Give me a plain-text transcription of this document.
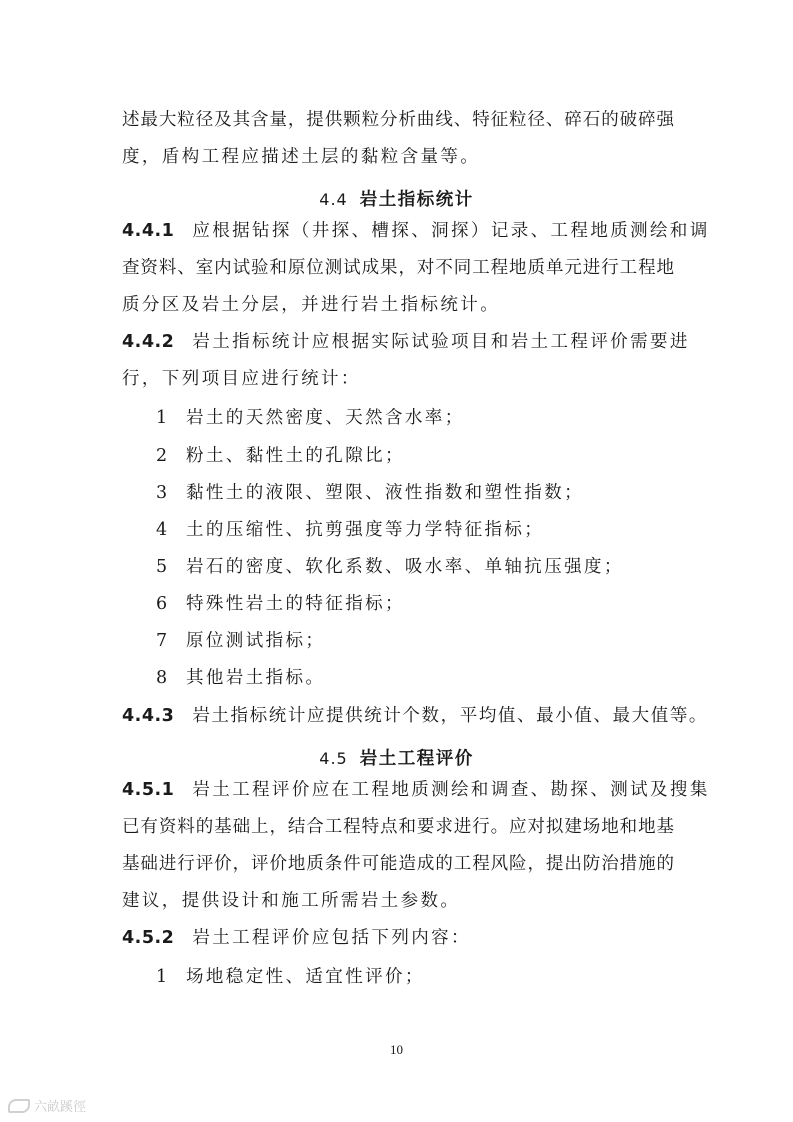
述最大粒径及其含量，提供颗粒分析曲线、特征粒径、碎石的破碎强
度，盾构工程应描述土层的黏粒含量等。
4.4 岩土指标统计
4.4.1 应根据钻探（井探、槽探、洞探）记录、工程地质测绘和调
查资料、室内试验和原位测试成果，对不同工程地质单元进行工程地
质分区及岩土分层，并进行岩土指标统计。
4.4.2 岩土指标统计应根据实际试验项目和岩土工程评价需要进
行，下列项目应进行统计：
1 岩土的天然密度、天然含水率；
2 粉土、黏性土的孔隙比；
3 黏性土的液限、塑限、液性指数和塑性指数；
4 土的压缩性、抗剪强度等力学特征指标；
5 岩石的密度、软化系数、吸水率、单轴抗压强度；
6 特殊性岩土的特征指标；
7 原位测试指标；
8 其他岩土指标。
4.4.3 岩土指标统计应提供统计个数，平均值、最小值、最大值等。
4.5 岩土工程评价
4.5.1 岩土工程评价应在工程地质测绘和调查、勘探、测试及搜集
已有资料的基础上，结合工程特点和要求进行。应对拟建场地和地基
基础进行评价，评价地质条件可能造成的工程风险，提出防治措施的
建议，提供设计和施工所需岩土参数。
4.5.2 岩土工程评价应包括下列内容：
1 场地稳定性、适宜性评价；
10
六畝蹊徑
